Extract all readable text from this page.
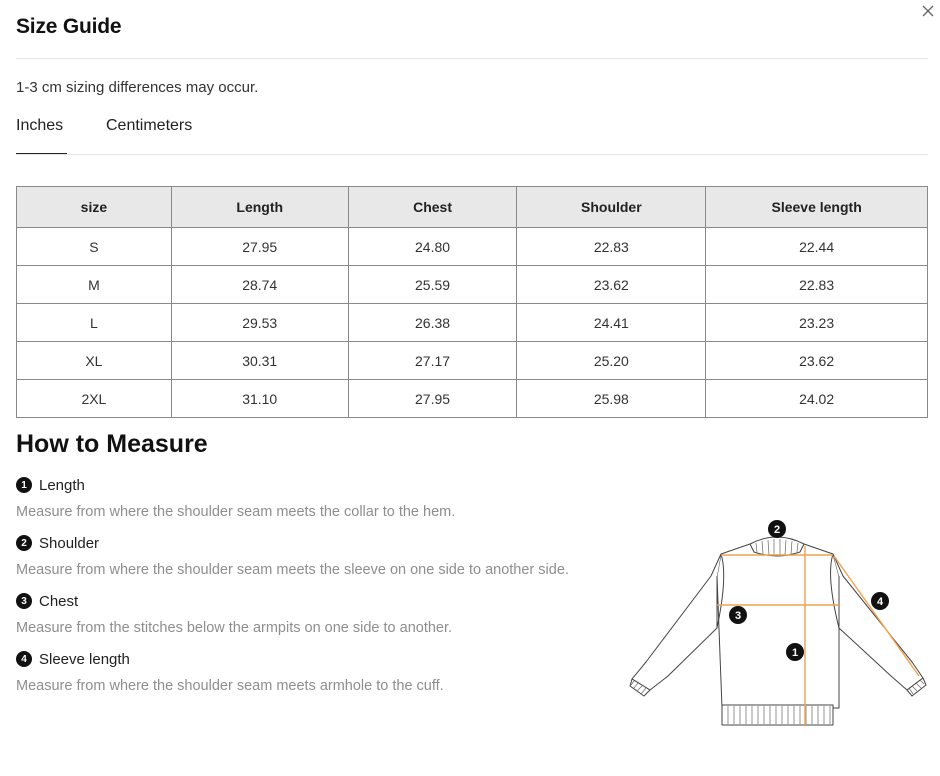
Size Guide
1-3 cm sizing differences may occur.
Inches	Centimeters
size	Length	Chest	Shoulder	Sleeve length
S	27.95	24.80	22.83	22.44
M	28.74	25.59	23.62	22.83
L	29.53	26.38	24.41	23.23
XL	30.31	27.17	25.20	23.62
2XL	31.10	27.95	25.98	24.02
How to Measure
1 Length
Measure from where the shoulder seam meets the collar to the hem.
2 Shoulder
Measure from where the shoulder seam meets the sleeve on one side to another side.
3 Chest
Measure from the stitches below the armpits on one side to another.
4 Sleeve length
Measure from where the shoulder seam meets armhole to the cuff.
2
3
4
1
